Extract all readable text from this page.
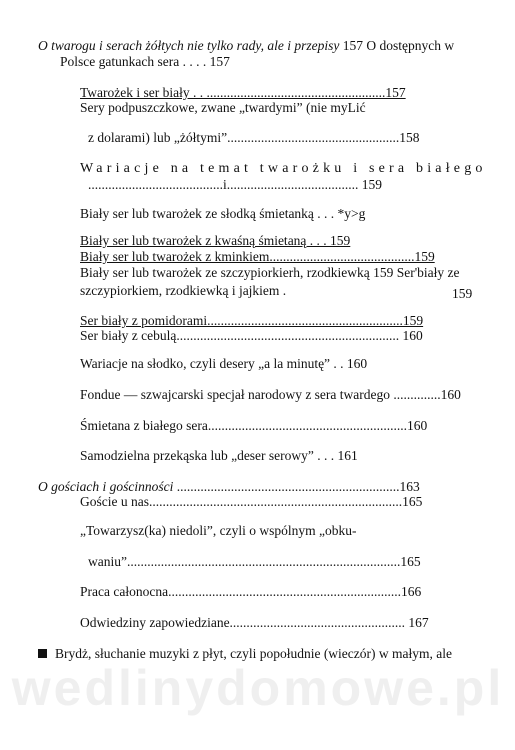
wedlinydomowe.pl
O twarogu i serach żółtych nie tylko rady, ale i przepisy 157 O dostępnych w
Polsce gatunkach sera . . . . 157
Twarożek i ser biały . . .....................................................157
Sery podpuszczkowe, zwane „twardymi” (nie myLić
z dolarami) lub „żółtymi”...................................................158
Wariacje na temat twarożku i sera białego
........................................i....................................... 159
Biały ser lub twarożek ze słodką śmietanką . . . *y>g
Biały ser lub twarożek z kwaśną śmietaną . . . 159
Biały ser lub twarożek z kminkiem...........................................159
Biały ser lub twarożek ze szczypiorkierh, rzodkiewką 159 Ser'biały ze
szczypiorkiem, rzodkiewką i jajkiem .	159
Ser biały z pomidorami..........................................................159
Ser biały z cebulą.................................................................. 160
Wariacje na słodko, czyli desery „a la minutę” . . 160
Fondue — szwajcarski specjał narodowy z sera twardego ..............160
Śmietana z białego sera...........................................................160
Samodzielna przekąska lub „deser serowy” . . . 161
O gościach i gościnności ..................................................................163
Goście u nas...........................................................................165
„Towarzysz(ka) niedoli”, czyli o wspólnym „obku-
waniu”.................................................................................165
Praca całonocna.....................................................................166
Odwiedziny zapowiedziane.................................................... 167
Brydż, słuchanie muzyki z płyt, czyli popołudnie (wieczór) w małym, ale
